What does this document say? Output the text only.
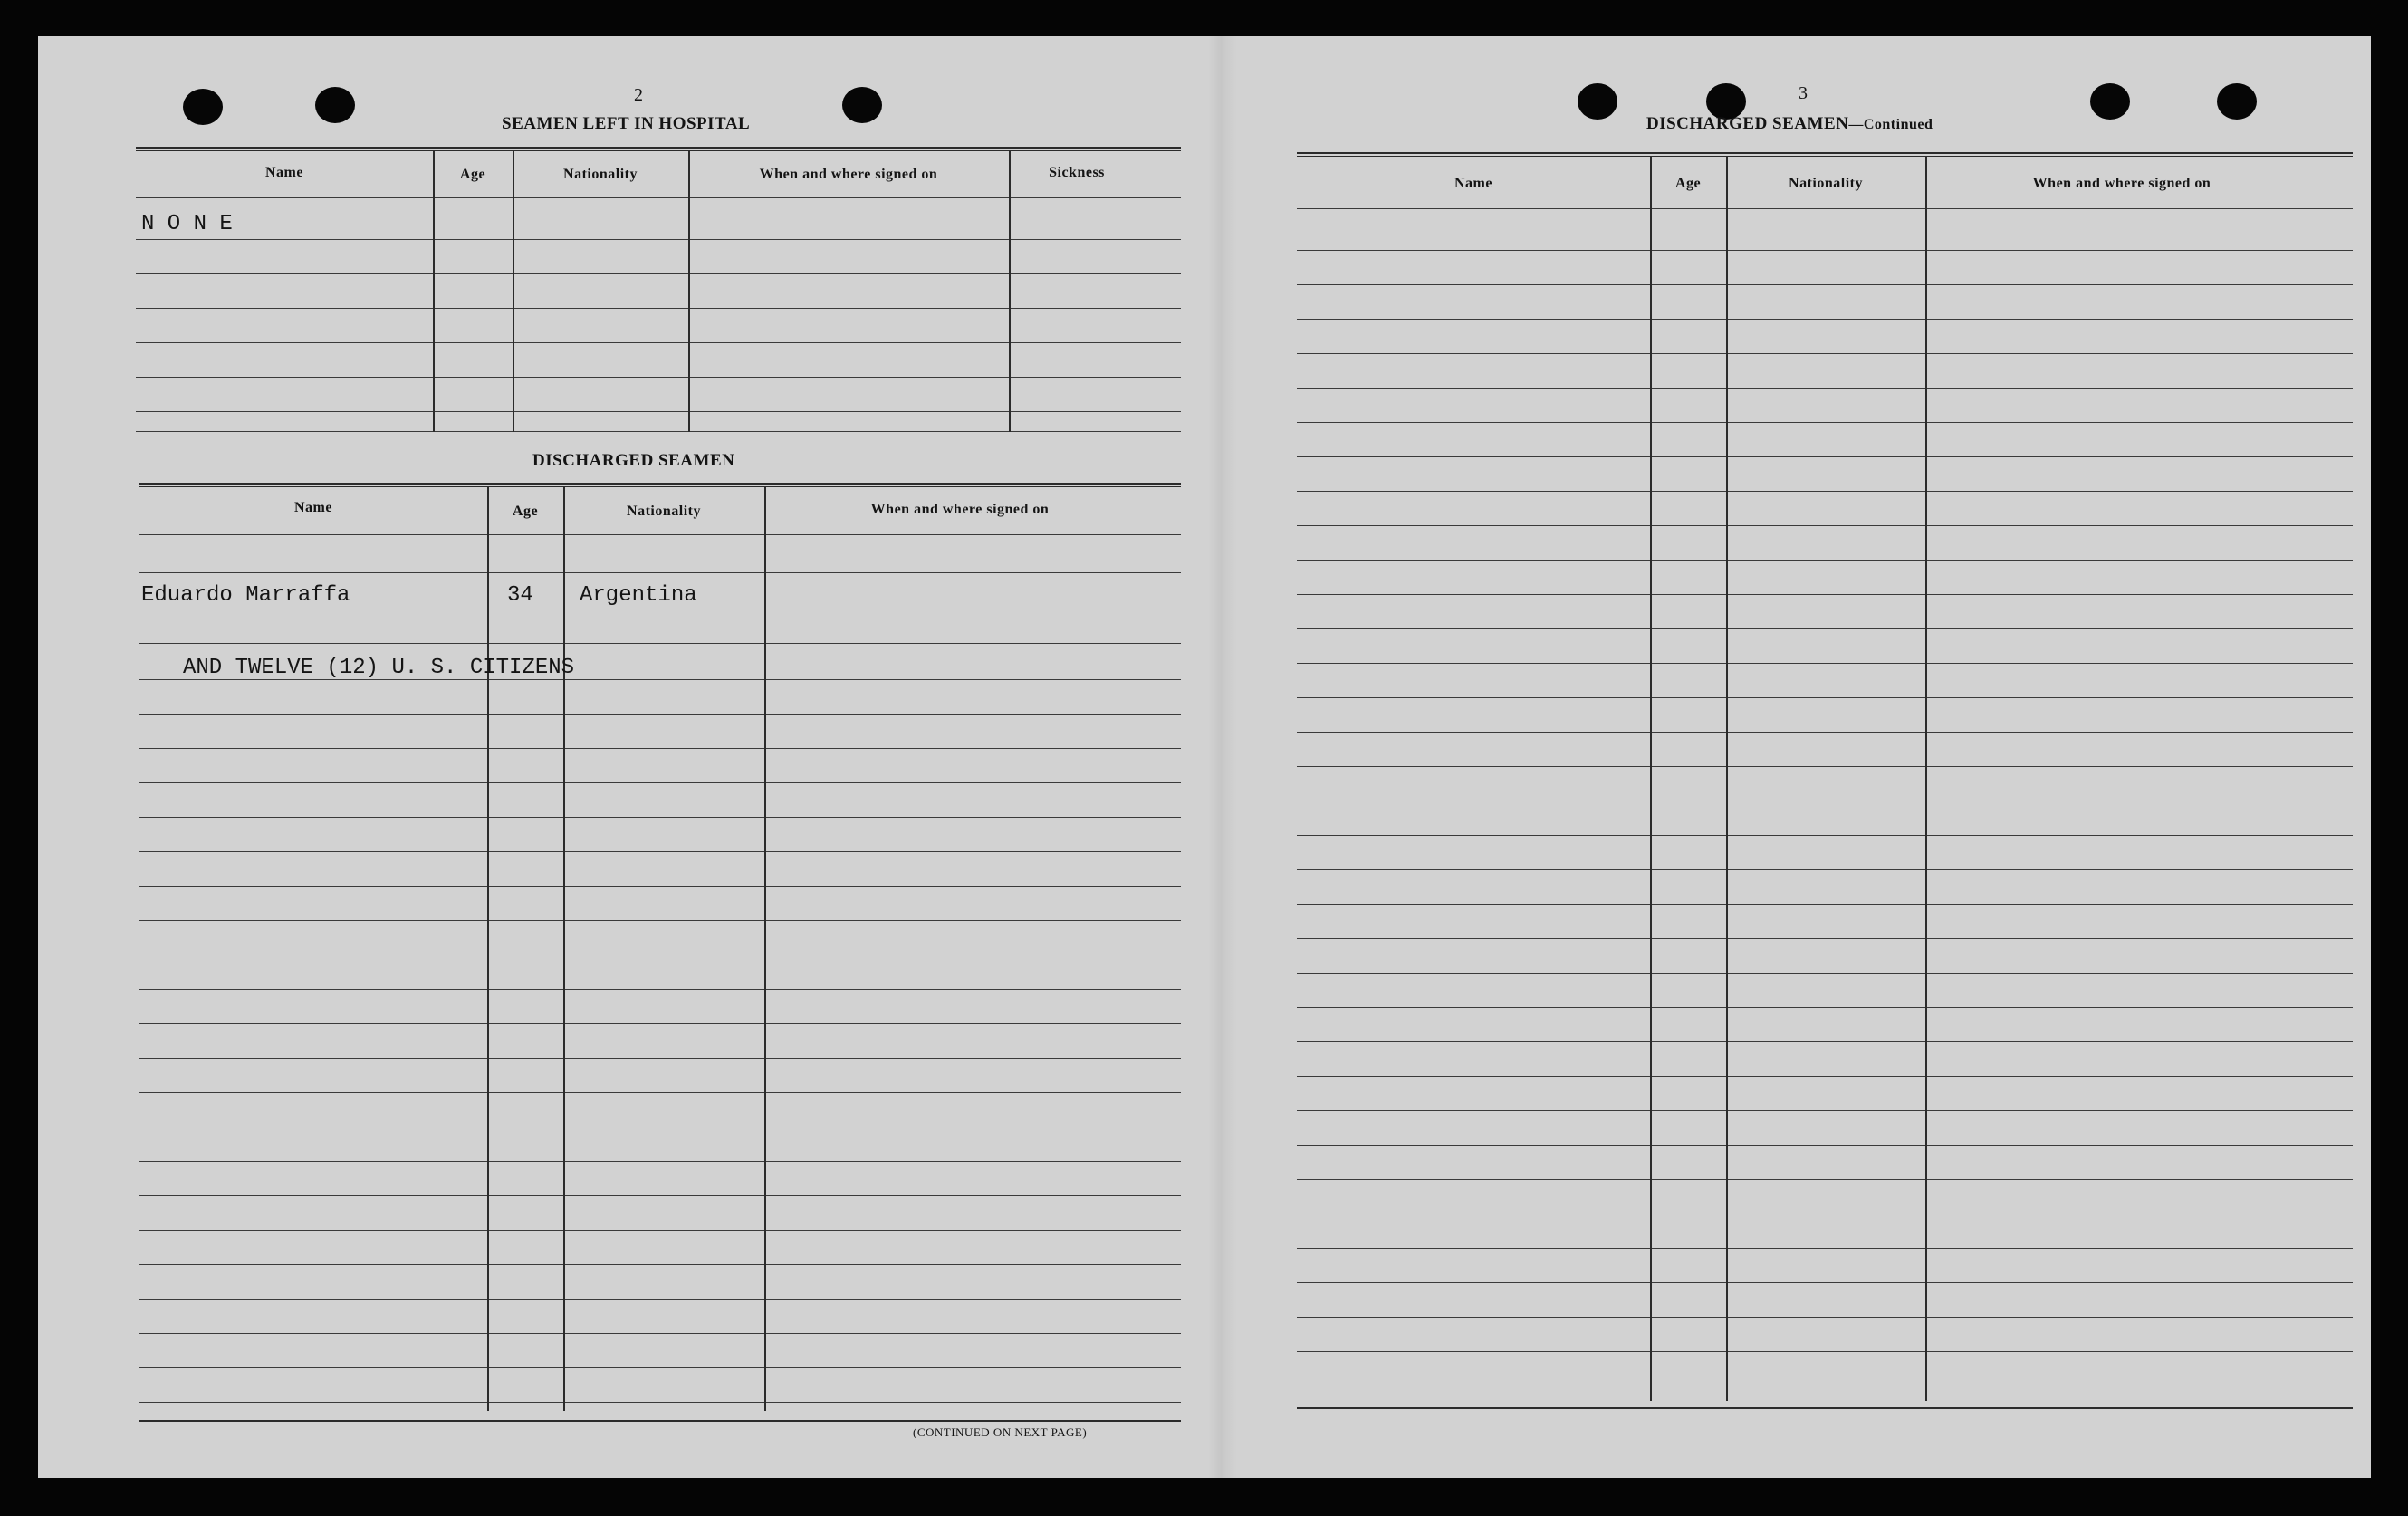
2
SEAMEN LEFT IN HOSPITAL
Name	Age	Nationality	When and where signed on	Sickness
N O N E
DISCHARGED SEAMEN
Name	Age	Nationality	When and where signed on
Eduardo Marraffa	34 Argentina
AND TWELVE (12) U. S. CITIZENS
(CONTINUED ON NEXT PAGE)
3
DISCHARGED SEAMEN—Continued
Name	Age	Nationality	When and where signed on
